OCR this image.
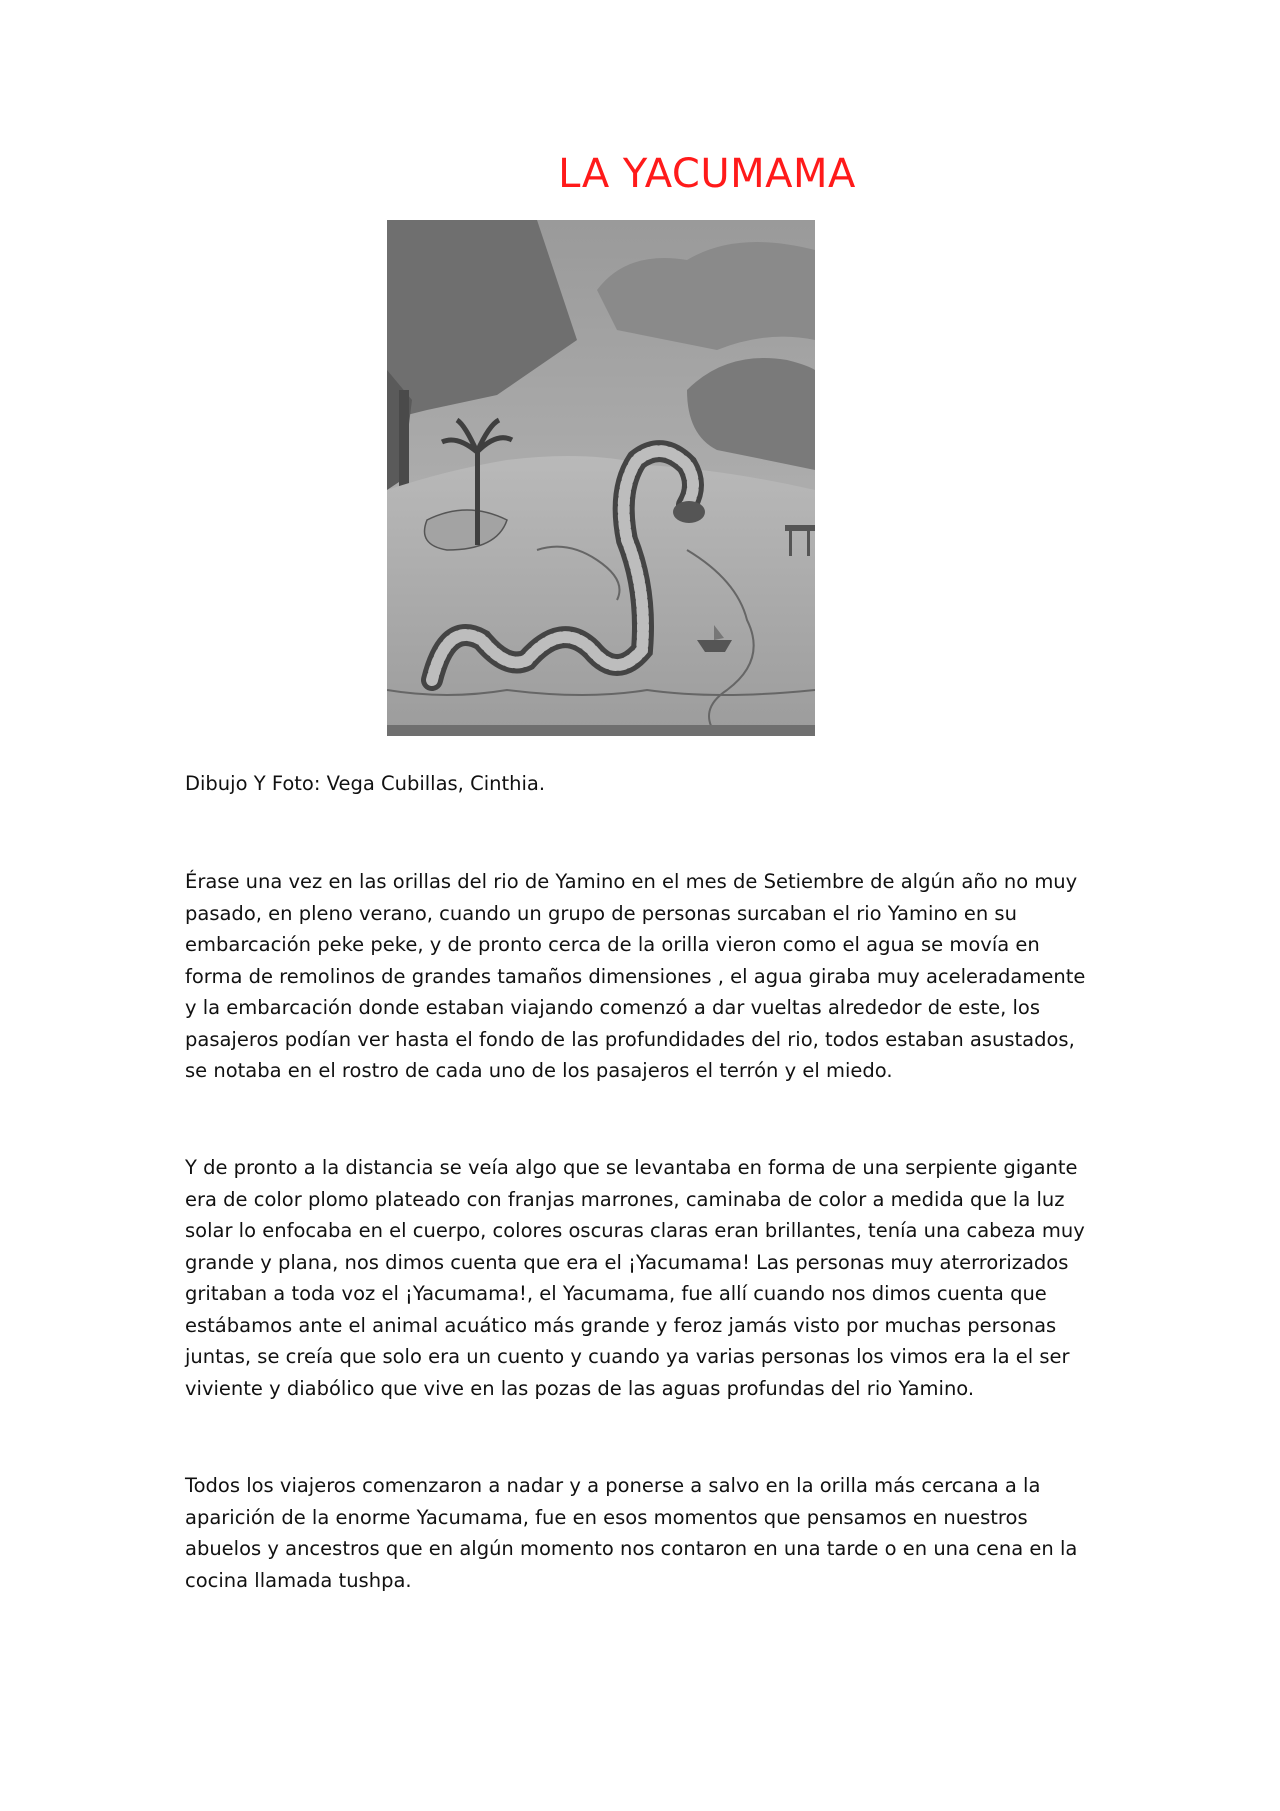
LA YACUMAMA
Dibujo Y Foto: Vega Cubillas, Cinthia.

Érase una vez en las orillas del rio de Yamino en el mes de Setiembre de algún año no muy pasado, en pleno verano, cuando un grupo de personas surcaban el rio Yamino en su embarcación peke peke, y de pronto cerca de la orilla vieron como el agua se movía en forma de remolinos de grandes tamaños dimensiones , el agua giraba muy aceleradamente y la embarcación donde estaban viajando comenzó a dar vueltas alrededor de este, los pasajeros podían ver hasta el fondo de las profundidades del rio, todos estaban asustados, se notaba en el rostro de cada uno de los pasajeros el terrón y el miedo.

Y de pronto a la distancia se veía algo que se levantaba en forma de una serpiente gigante era de color plomo plateado con franjas marrones, caminaba de color a medida que la luz solar lo enfocaba en el cuerpo, colores oscuras claras eran brillantes, tenía una cabeza muy grande y plana, nos dimos cuenta que era el ¡Yacumama! Las personas muy aterrorizados gritaban a toda voz el ¡Yacumama!, el Yacumama, fue allí cuando nos dimos cuenta que estábamos ante el animal acuático más grande y feroz jamás visto por muchas personas juntas, se creía que solo era un cuento y cuando ya varias personas los vimos era la el ser viviente y diabólico que vive en las pozas de las aguas profundas del rio Yamino.

Todos los viajeros comenzaron a nadar y a ponerse a salvo en la orilla más cercana a la aparición de la enorme Yacumama, fue en esos momentos que pensamos en nuestros abuelos y ancestros que en algún momento nos contaron en una tarde o en una cena en la cocina llamada tushpa.
